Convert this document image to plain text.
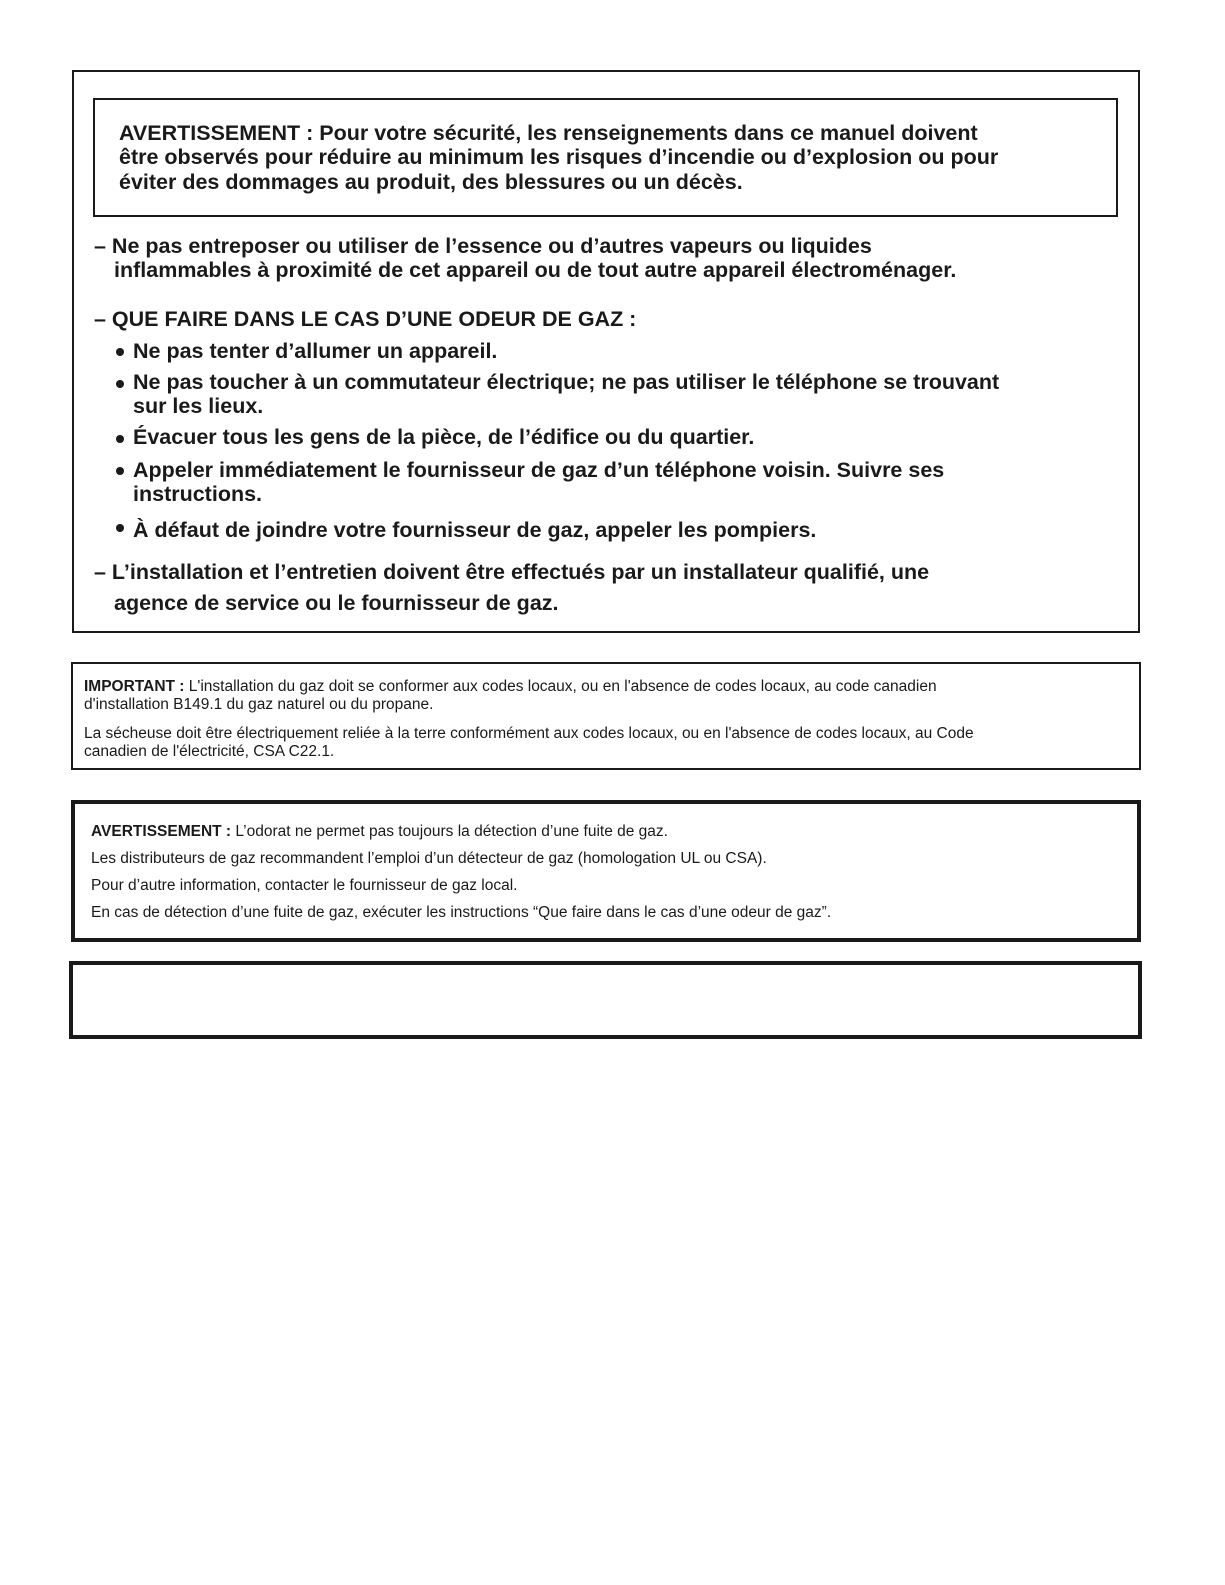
AVERTISSEMENT : Pour votre sécurité, les renseignements dans ce manuel doivent

être observés pour réduire au minimum les risques d’incendie ou d’explosion ou pour

éviter des dommages au produit, des blessures ou un décès.

– Ne pas entreposer ou utiliser de l’essence ou d’autres vapeurs ou liquides

inflammables à proximité de cet appareil ou de tout autre appareil électroménager.

– QUE FAIRE DANS LE CAS D’UNE ODEUR DE GAZ :

Ne pas tenter d’allumer un appareil.

Ne pas toucher à un commutateur électrique; ne pas utiliser le téléphone se trouvant

sur les lieux.

Évacuer tous les gens de la pièce, de l’édifice ou du quartier.

Appeler immédiatement le fournisseur de gaz d’un téléphone voisin. Suivre ses

instructions.

À défaut de joindre votre fournisseur de gaz, appeler les pompiers.

– L’installation et l’entretien doivent être effectués par un installateur qualifié, une

agence de service ou le fournisseur de gaz.

IMPORTANT : L'installation du gaz doit se conformer aux codes locaux, ou en l'absence de codes locaux, au code canadien

d'installation B149.1 du gaz naturel ou du propane.

La sécheuse doit être électriquement reliée à la terre conformément aux codes locaux, ou en l'absence de codes locaux, au Code

canadien de l'électricité, CSA C22.1.

AVERTISSEMENT : L’odorat ne permet pas toujours la détection d’une fuite de gaz.

Les distributeurs de gaz recommandent l’emploi d’un détecteur de gaz (homologation UL ou CSA).

Pour d’autre information, contacter le fournisseur de gaz local.

En cas de détection d’une fuite de gaz, exécuter les instructions “Que faire dans le cas d’une odeur de gaz”.
